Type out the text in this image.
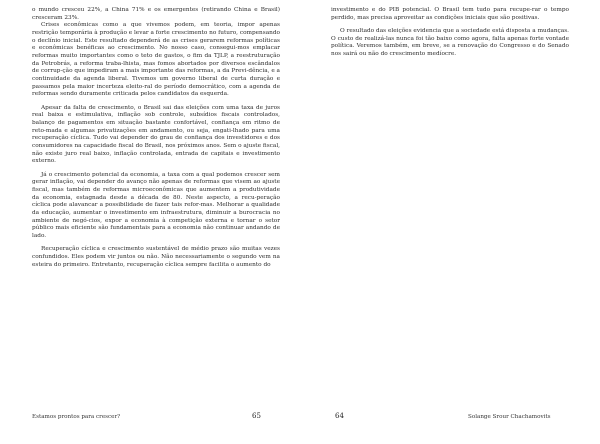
o mundo cresceu 22%, a China 71% e os emergentes (retirando China e Brasil) cresceram 23%.

Crises econômicas como a que vivemos podem, em teoria, impor apenas restrição temporária à produção e levar a forte crescimento no futuro, compensando o declínio inicial. Este resultado dependerá de as crises gerarem reformas políticas e econômicas benéficas ao crescimento. No nosso caso, consegui-mos emplacar reformas muito importantes como o teto de gastos, o fim da TJLP, a reestruturação da Petrobrás, a reforma traba-lhista, mas fomos abortados por diversos escândalos de corrup-ção que impediram a mais importante das reformas, a da Previ-dência, e a continuidade da agenda liberal. Tivemos um governo liberal de curta duração e passamos pela maior incerteza eleito-ral do período democrático, com a agenda de reformas sendo duramente criticada pelos candidatos da esquerda.

Apesar da falta de crescimento, o Brasil sai das eleições com uma taxa de juros real baixa e estimulativa, inflação sob controle, subsídios fiscais controlados, balanço de pagamentos em situação bastante confortável, confiança em ritmo de reto-mada e algumas privatizações em andamento, ou seja, engati-lhado para uma recuperação cíclica. Tudo vai depender do grau de confiança dos investidores e dos consumidores na capacidade fiscal do Brasil, nos próximos anos. Sem o ajuste fiscal, não existe juro real baixo, inflação controlada, entrada de capitais e investimento externo.

Já o crescimento potencial da economia, a taxa com a qual podemos crescer sem gerar inflação, vai depender do avanço não apenas de reformas que visem ao ajuste fiscal, mas também de reformas microeconômicas que aumentem a produtividade da economia, estagnada desde a década de 80. Neste aspecto, a recu-peração cíclica pode alavancar a possibilidade de fazer tais refor-mas. Melhorar a qualidade da educação, aumentar o investimento em infraestrutura, diminuir a burocracia no ambiente de negó-cios, expor a economia à competição externa e tornar o setor público mais eficiente são fundamentais para a economia não continuar andando de lado.

Recuperação cíclica e crescimento sustentável de médio prazo são muitas vezes confundidos. Eles podem vir juntos ou não. Não necessariamente o segundo vem na esteira do primeiro. Entretanto, recuperação cíclica sempre facilita o aumento do

Estamos prontos para crescer?	65

investimento e do PIB potencial. O Brasil tem tudo para recupe-rar o tempo perdido, mas precisa aproveitar as condições iniciais que são positivas.

O resultado das eleições evidencia que a sociedade está disposta a mudanças. O custo de realizá-las nunca foi tão baixo como agora, falta apenas forte vontade política. Veremos também, em breve, se a renovação do Congresso e do Senado nos sairá ou não do crescimento medíocre.

64	Solange Srour Chachamovits
